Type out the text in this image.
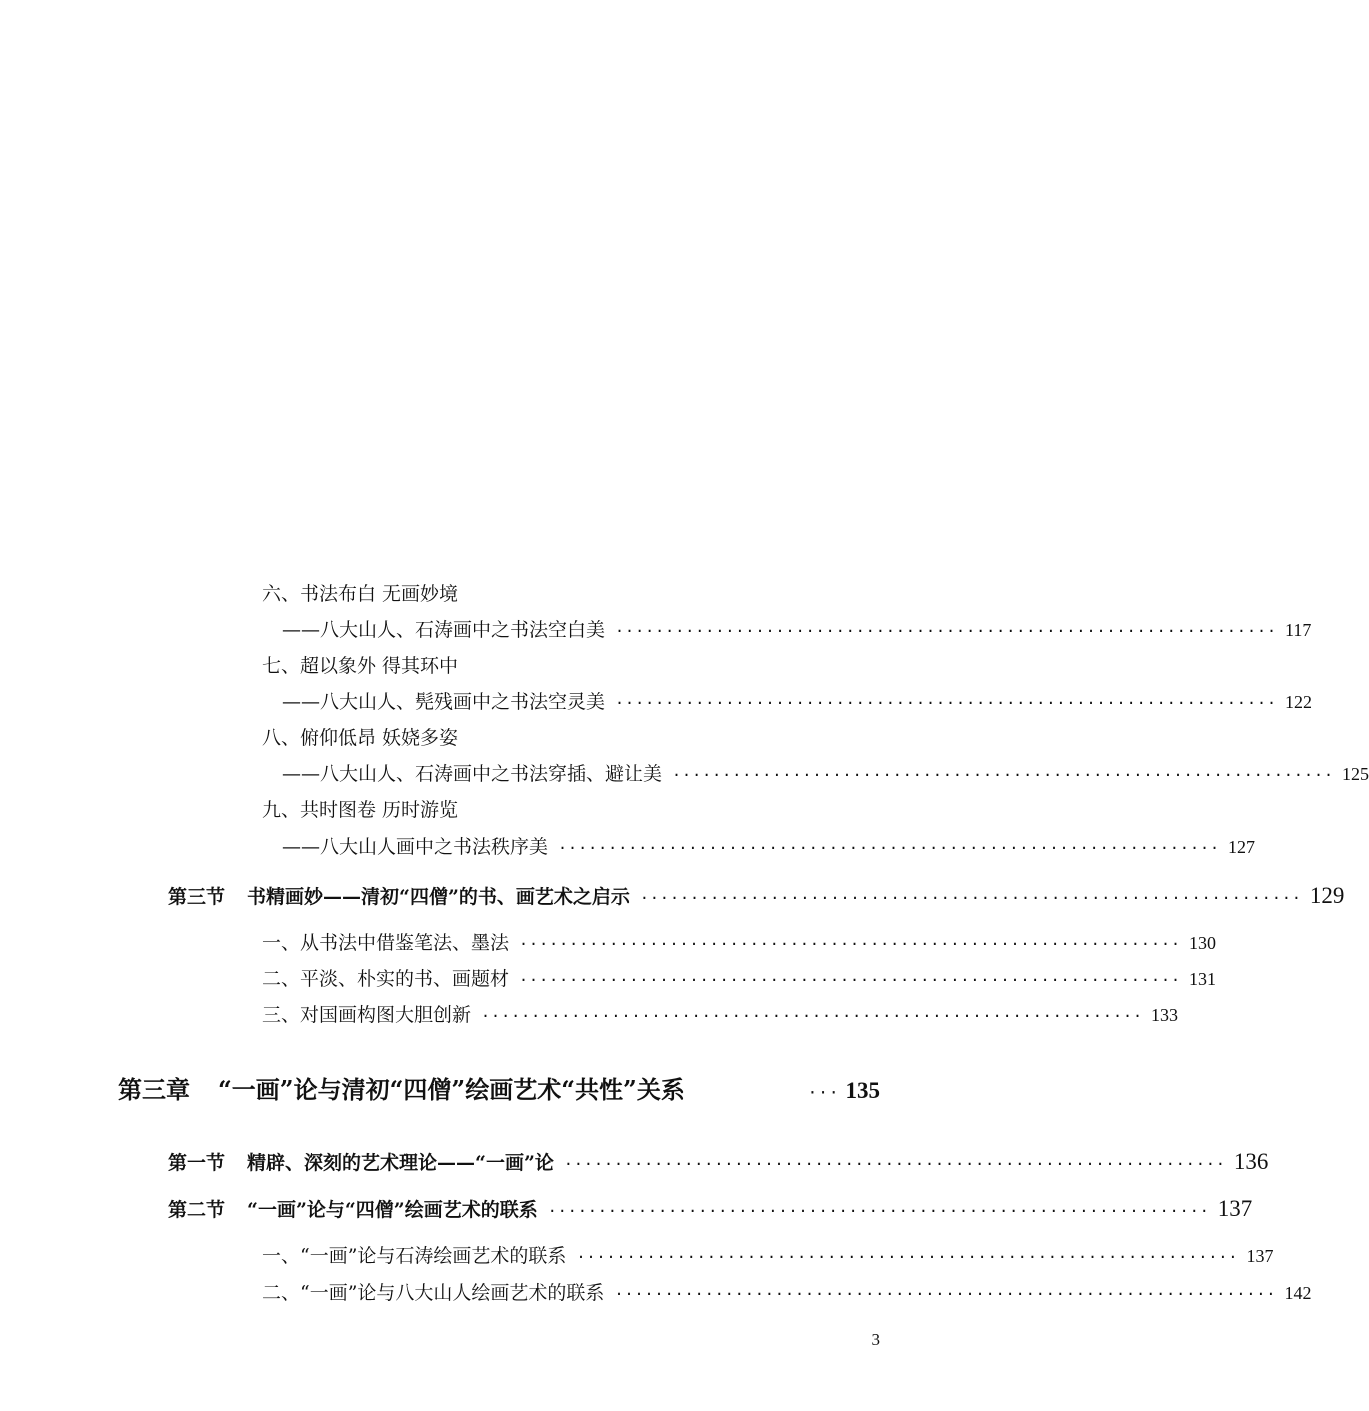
六、书法布白 无画妙境
——八大山人、石涛画中之书法空白美 ·································································· 117
七、超以象外 得其环中
——八大山人、髡残画中之书法空灵美 ·································································· 122
八、俯仰低昂 妖娆多姿
——八大山人、石涛画中之书法穿插、避让美 ·································································· 125
九、共时图卷 历时游览
——八大山人画中之书法秩序美 ·································································· 127
第三节 书精画妙——清初“四僧”的书、画艺术之启示 ·································································· 129
一、从书法中借鉴笔法、墨法 ·································································· 130
二、平淡、朴实的书、画题材 ·································································· 131
三、对国画构图大胆创新 ·································································· 133
第三章 “一画”论与清初“四僧”绘画艺术“共性”关系	··· 135
第一节 精辟、深刻的艺术理论——“一画”论 ·································································· 136
第二节 “一画”论与“四僧”绘画艺术的联系 ·································································· 137
一、“一画”论与石涛绘画艺术的联系 ·································································· 137
二、“一画”论与八大山人绘画艺术的联系 ·································································· 142
3
